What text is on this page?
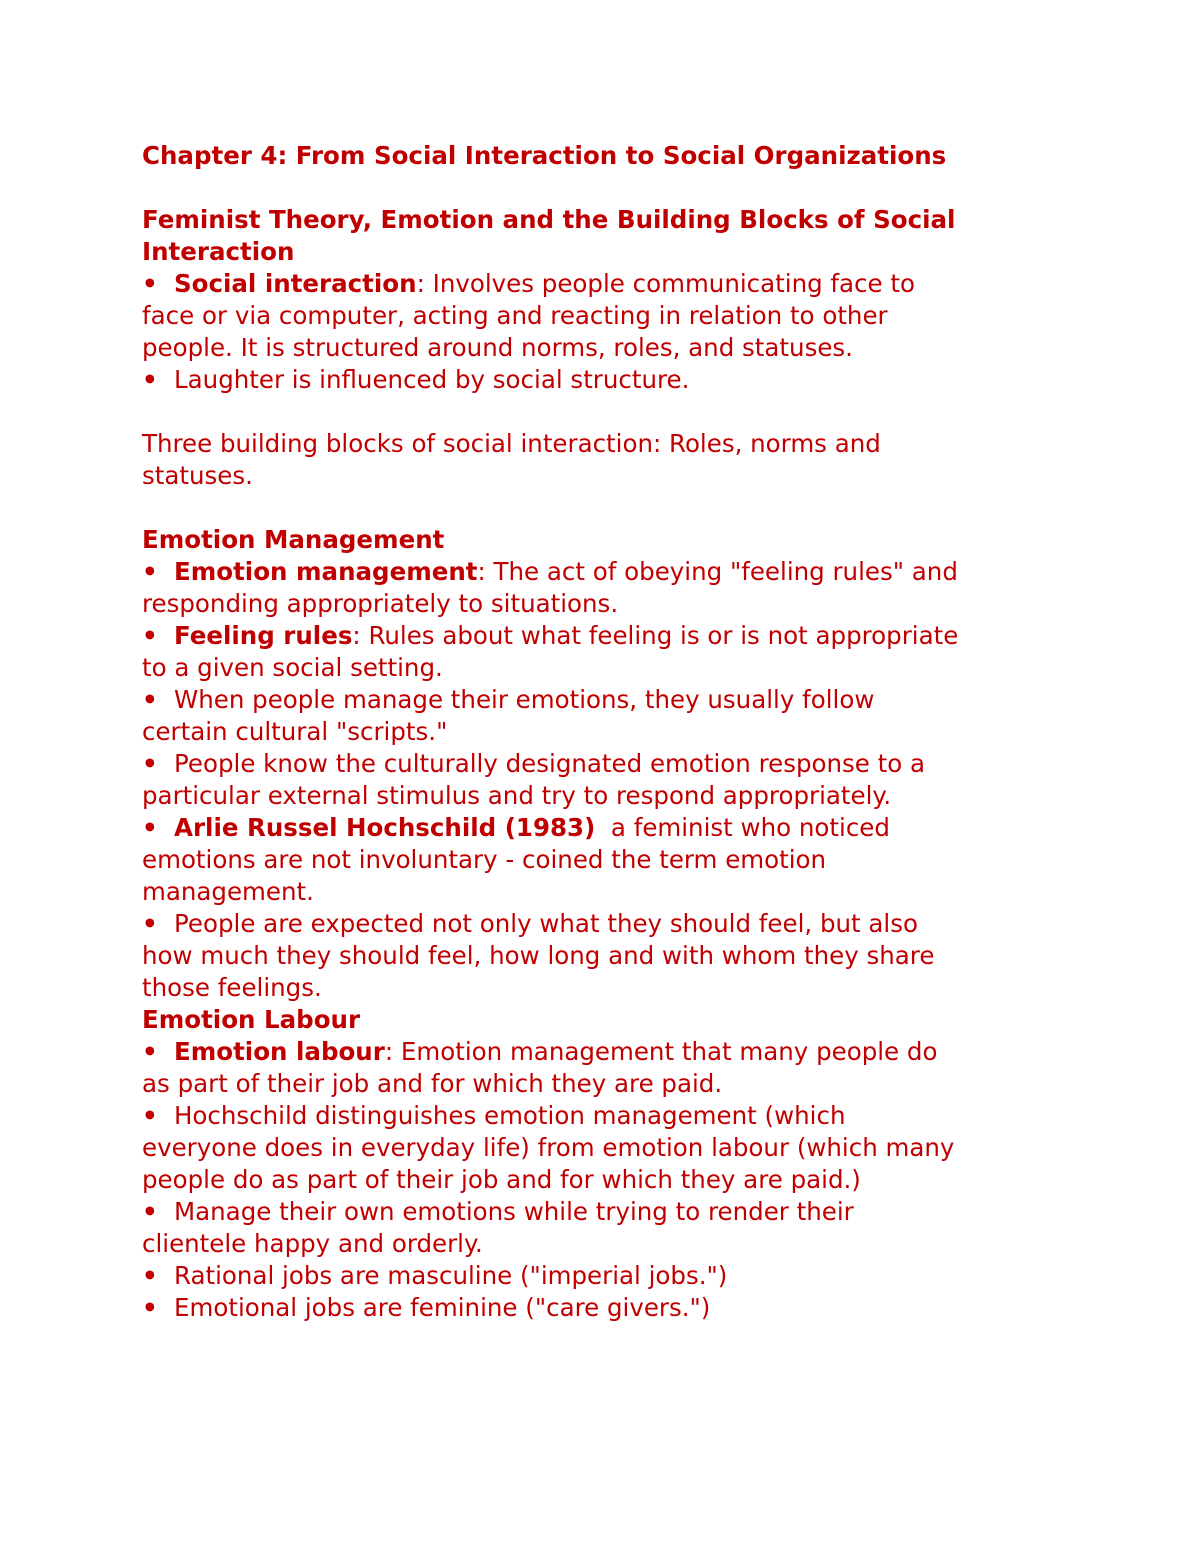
Chapter 4: From Social Interaction to Social Organizations
Feminist Theory, Emotion and the Building Blocks of Social
Interaction
• Social interaction: Involves people communicating face to
face or via computer, acting and reacting in relation to other
people. It is structured around norms, roles, and statuses.
• Laughter is influenced by social structure.
Three building blocks of social interaction: Roles, norms and
statuses.
Emotion Management
• Emotion management: The act of obeying "feeling rules" and
responding appropriately to situations.
• Feeling rules: Rules about what feeling is or is not appropriate
to a given social setting.
• When people manage their emotions, they usually follow
certain cultural "scripts."
• People know the culturally designated emotion response to a
particular external stimulus and try to respond appropriately.
• Arlie Russel Hochschild (1983)  a feminist who noticed
emotions are not involuntary - coined the term emotion
management.
• People are expected not only what they should feel, but also
how much they should feel, how long and with whom they share
those feelings.
Emotion Labour
• Emotion labour: Emotion management that many people do
as part of their job and for which they are paid.
• Hochschild distinguishes emotion management (which
everyone does in everyday life) from emotion labour (which many
people do as part of their job and for which they are paid.)
• Manage their own emotions while trying to render their
clientele happy and orderly.
• Rational jobs are masculine ("imperial jobs.")
• Emotional jobs are feminine ("care givers.")
